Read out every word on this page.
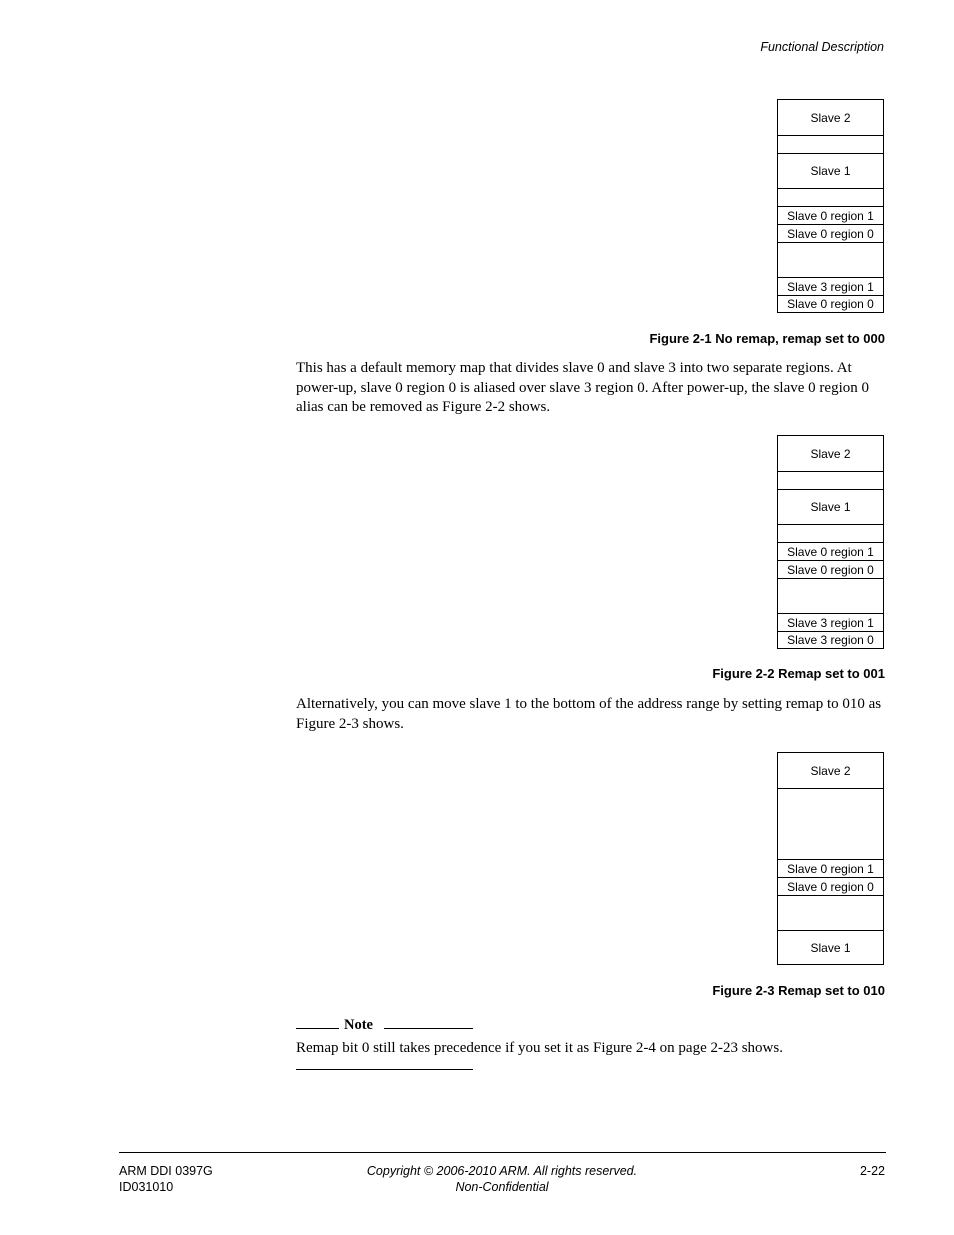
Functional Description
Slave 2
Slave 1
Slave 0 region 1
Slave 0 region 0
Slave 3 region 1
Slave 0 region 0
Figure 2-1 No remap, remap set to 000
This has a default memory map that divides slave 0 and slave 3 into two separate regions. At power-up, slave 0 region 0 is aliased over slave 3 region 0. After power-up, the slave 0 region 0 alias can be removed as Figure 2-2 shows.
Slave 2
Slave 1
Slave 0 region 1
Slave 0 region 0
Slave 3 region 1
Slave 3 region 0
Figure 2-2 Remap set to 001
Alternatively, you can move slave 1 to the bottom of the address range by setting remap to 010 as Figure 2-3 shows.
Slave 2
Slave 0 region 1
Slave 0 region 0
Slave 1
Figure 2-3 Remap set to 010
Note
Remap bit 0 still takes precedence if you set it as Figure 2-4 on page 2-23 shows.
ARM DDI 0397G
ID031010
Copyright © 2006-2010 ARM. All rights reserved.
Non-Confidential
2-22
